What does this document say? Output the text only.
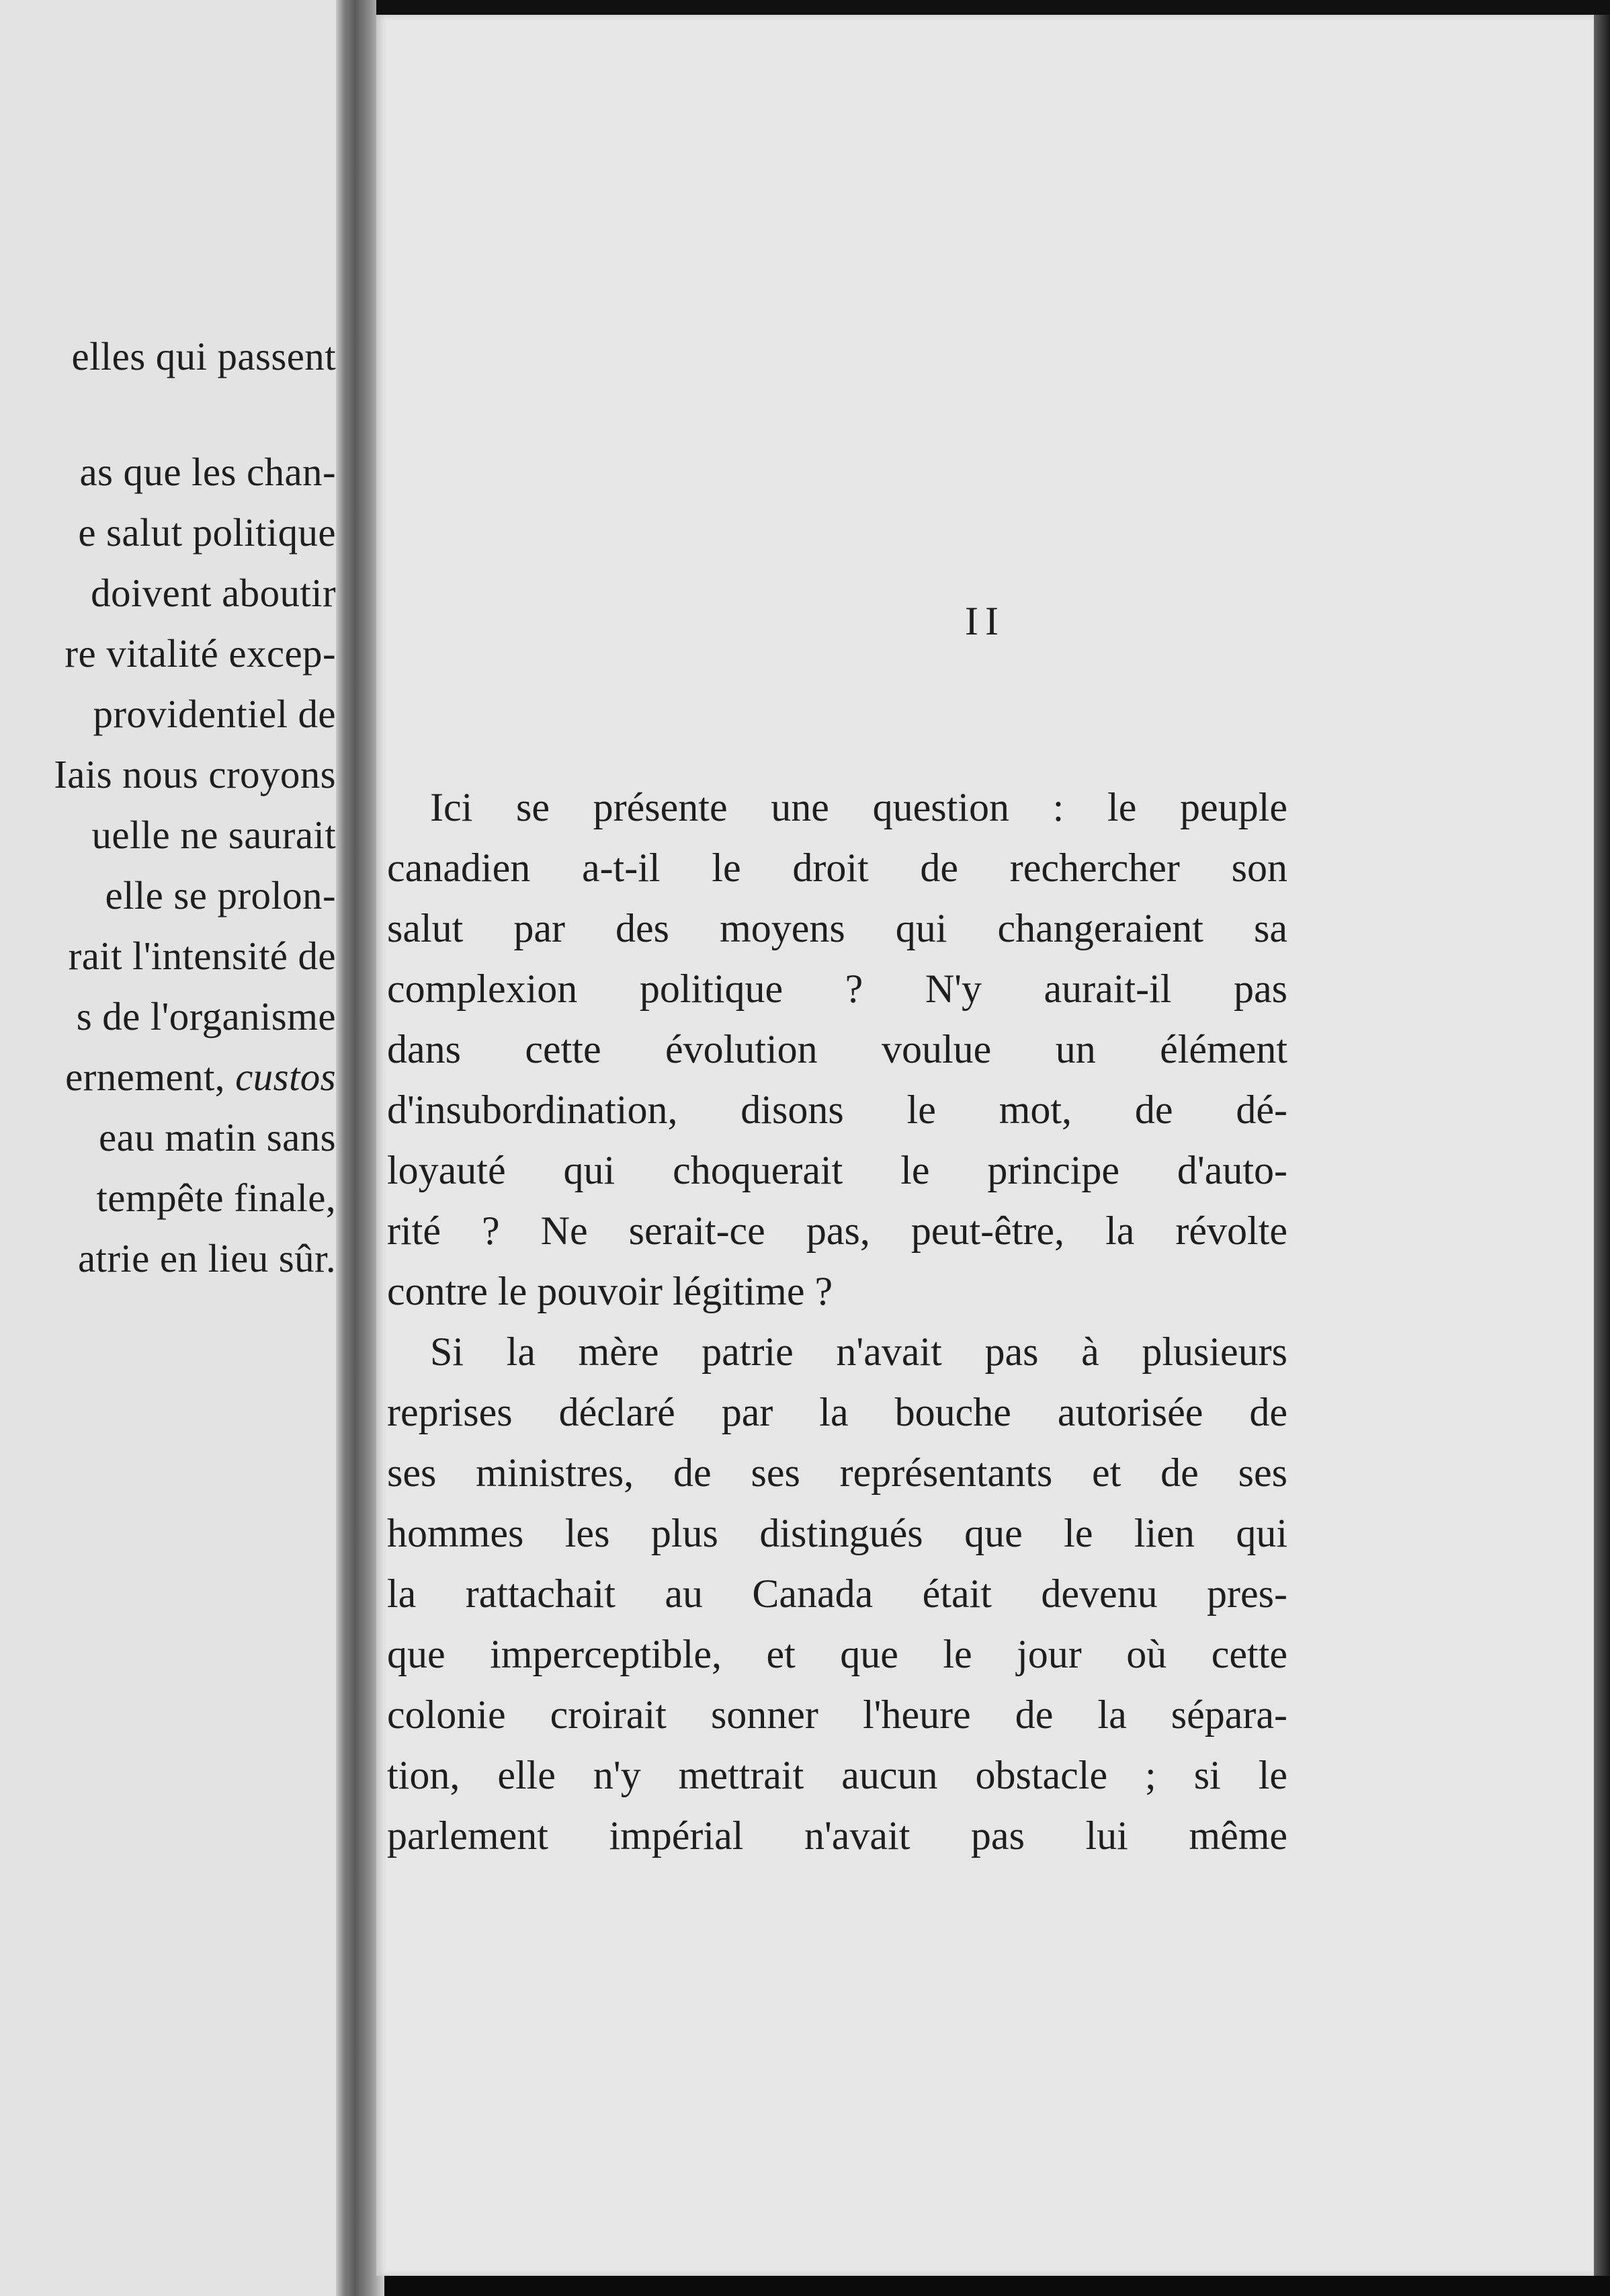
elles qui passent
as que les chan-
e salut politique
doivent aboutir
re vitalité excep-
providentiel de
Iais nous croyons
uelle ne saurait
elle se prolon-
rait l'intensité de
s de l'organisme
ernement, custos
eau matin sans
tempête finale,
atrie en lieu sûr.
II
Ici se présente une question : le peuple
canadien a-t-il le droit de rechercher son
salut par des moyens qui changeraient sa
complexion politique ? N'y aurait-il pas
dans cette évolution voulue un élément
d'insubordination, disons le mot, de dé-
loyauté qui choquerait le principe d'auto-
rité ? Ne serait-ce pas, peut-être, la révolte
contre le pouvoir légitime ?
Si la mère patrie n'avait pas à plusieurs
reprises déclaré par la bouche autorisée de
ses ministres, de ses représentants et de ses
hommes les plus distingués que le lien qui
la rattachait au Canada était devenu pres-
que imperceptible, et que le jour où cette
colonie croirait sonner l'heure de la sépara-
tion, elle n'y mettrait aucun obstacle ; si le
parlement impérial n'avait pas lui même
